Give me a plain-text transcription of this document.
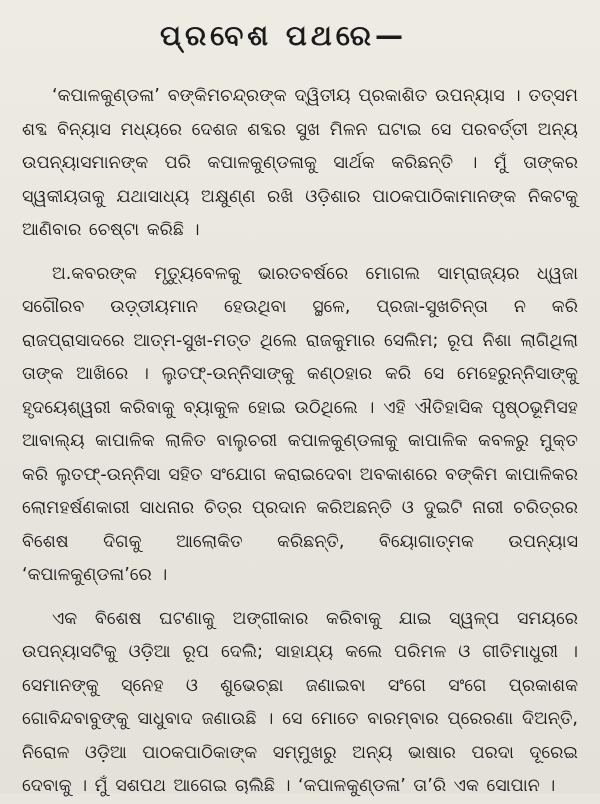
ପ୍ରବେଶ ପଥରେ—

‘କପାଳକୁଣ୍ଡଳା’ ବଙ୍କିମଚନ୍ଦ୍ରଙ୍କ ଦ୍ୱିତୀୟ ପ୍ରକାଶିତ ଉପନ୍ୟାସ । ତତ୍ସମ ଶବ୍ଦ ବିନ୍ୟାସ ମଧ୍ୟରେ ଦେଶଜ ଶବ୍ଦର ସୁଖ ମିଳନ ଘଟାଇ ସେ ପରବର୍ତ୍ତୀ ଅନ୍ୟ ଉପନ୍ୟାସମାନଙ୍କ ପରି କପାଳକୁଣ୍ଡଳାକୁ ସାର୍ଥକ କରିଛନ୍ତି । ମୁଁ ତାଙ୍କର ସ୍ୱକୀୟତାକୁ ଯଥାସାଧ୍ୟ ଅକ୍ଷୁଣ୍ଣ ରଖି ଓଡ଼ିଶାର ପାଠକପାଠିକାମାନଙ୍କ ନିକଟକୁ ଆଣିବାର ଚେଷ୍ଟା କରିଛି ।

ଅ.କବରଙ୍କ ମୃତ୍ୟୁବେଳକୁ ଭାରତବର୍ଷରେ ମୋଗଲ ସାମ୍ରାଜ୍ୟର ଧ୍ୱଜା ସଗୌରବ ଉଡ଼୍ଡୀୟମାନ ହେଉଥିବା ସ୍ଥଳେ, ପ୍ରଜା-ସୁଖଚିନ୍ତା ନ କରି ରାଜପ୍ରାସାଦରେ ଆତ୍ମ-ସୁଖ-ମତ୍ତ ଥିଲେ ରାଜକୁମାର ସେଲିମ; ରୂପ ନିଶା ଲାଗିଥିଲା ତାଙ୍କ ଆଖିରେ । ଲୁତଫ୍-ଉନ୍ନିସାଙ୍କୁ କଣ୍ଠହାର କରି ସେ ମେହେରୁନ୍ନିସାଙ୍କୁ ହୃଦୟେଶ୍ୱରୀ କରିବାକୁ ବ୍ୟାକୁଳ ହୋଇ ଉଠିଥିଲେ । ଏହି ଐତିହାସିକ ପୃଷ୍ଠଭୂମିସହ ଆବାଲ୍ୟ କାପାଳିକ ଲାଳିତ ବାଲୁଚରୀ କପାଳକୁଣ୍ଡଳାକୁ କାପାଳିକ କବଳରୁ ମୁକ୍ତ କରି ଲୁତଫ୍-ଉନ୍ନିସା ସହିତ ସଂଯୋଗ କରାଇଦେବା ଅବକାଶରେ ବଙ୍କିମ କାପାଳିକର ଲୋମହର୍ଷଣକାରୀ ସାଧନାର ଚିତ୍ର ପ୍ରଦାନ କରିଅଛନ୍ତି ଓ ଦୁଇଟି ନାରୀ ଚରିତ୍ରର ବିଶେଷ ଦିଗକୁ ଆଲୋକିତ କରିଛନ୍ତି, ବିୟୋଗାତ୍ମକ ଉପନ୍ୟାସ ‘କପାଳକୁଣ୍ଡଳା’ରେ ।

ଏକ ବିଶେଷ ଘଟଣାକୁ ଅଙ୍ଗୀକାର କରିବାକୁ ଯାଇ ସ୍ୱଳ୍ପ ସମୟରେ ଉପନ୍ୟାସଟିକୁ ଓଡ଼ିଆ ରୂପ ଦେଲି; ସାହାଯ୍ୟ କଲେ ପରିମଳ ଓ ଗୀତିମାଧୁରୀ । ସେମାନଙ୍କୁ ସ୍ନେହ ଓ ଶୁଭେଚ୍ଛା ଜଣାଇବା ସଂଗେ ସଂଗେ ପ୍ରକାଶକ ଗୋବିନ୍ଦବାବୁଙ୍କୁ ସାଧୁବାଦ ଜଣାଉଛି । ସେ ମୋତେ ବାରମ୍ବାର ପ୍ରେରଣା ଦିଅନ୍ତି, ନିରୋଳ ଓଡ଼ିଆ ପାଠକପାଠିକାଙ୍କ ସମ୍ମୁଖରୁ ଅନ୍ୟ ଭାଷାର ପରଦା ଦୂରେଇ ଦେବାକୁ । ମୁଁ ସଶପଥ ଆଗେଇ ଚାଲିଛି । ‘କପାଳକୁଣ୍ଡଳା’ ତା’ରି ଏକ ସୋପାନ ।
